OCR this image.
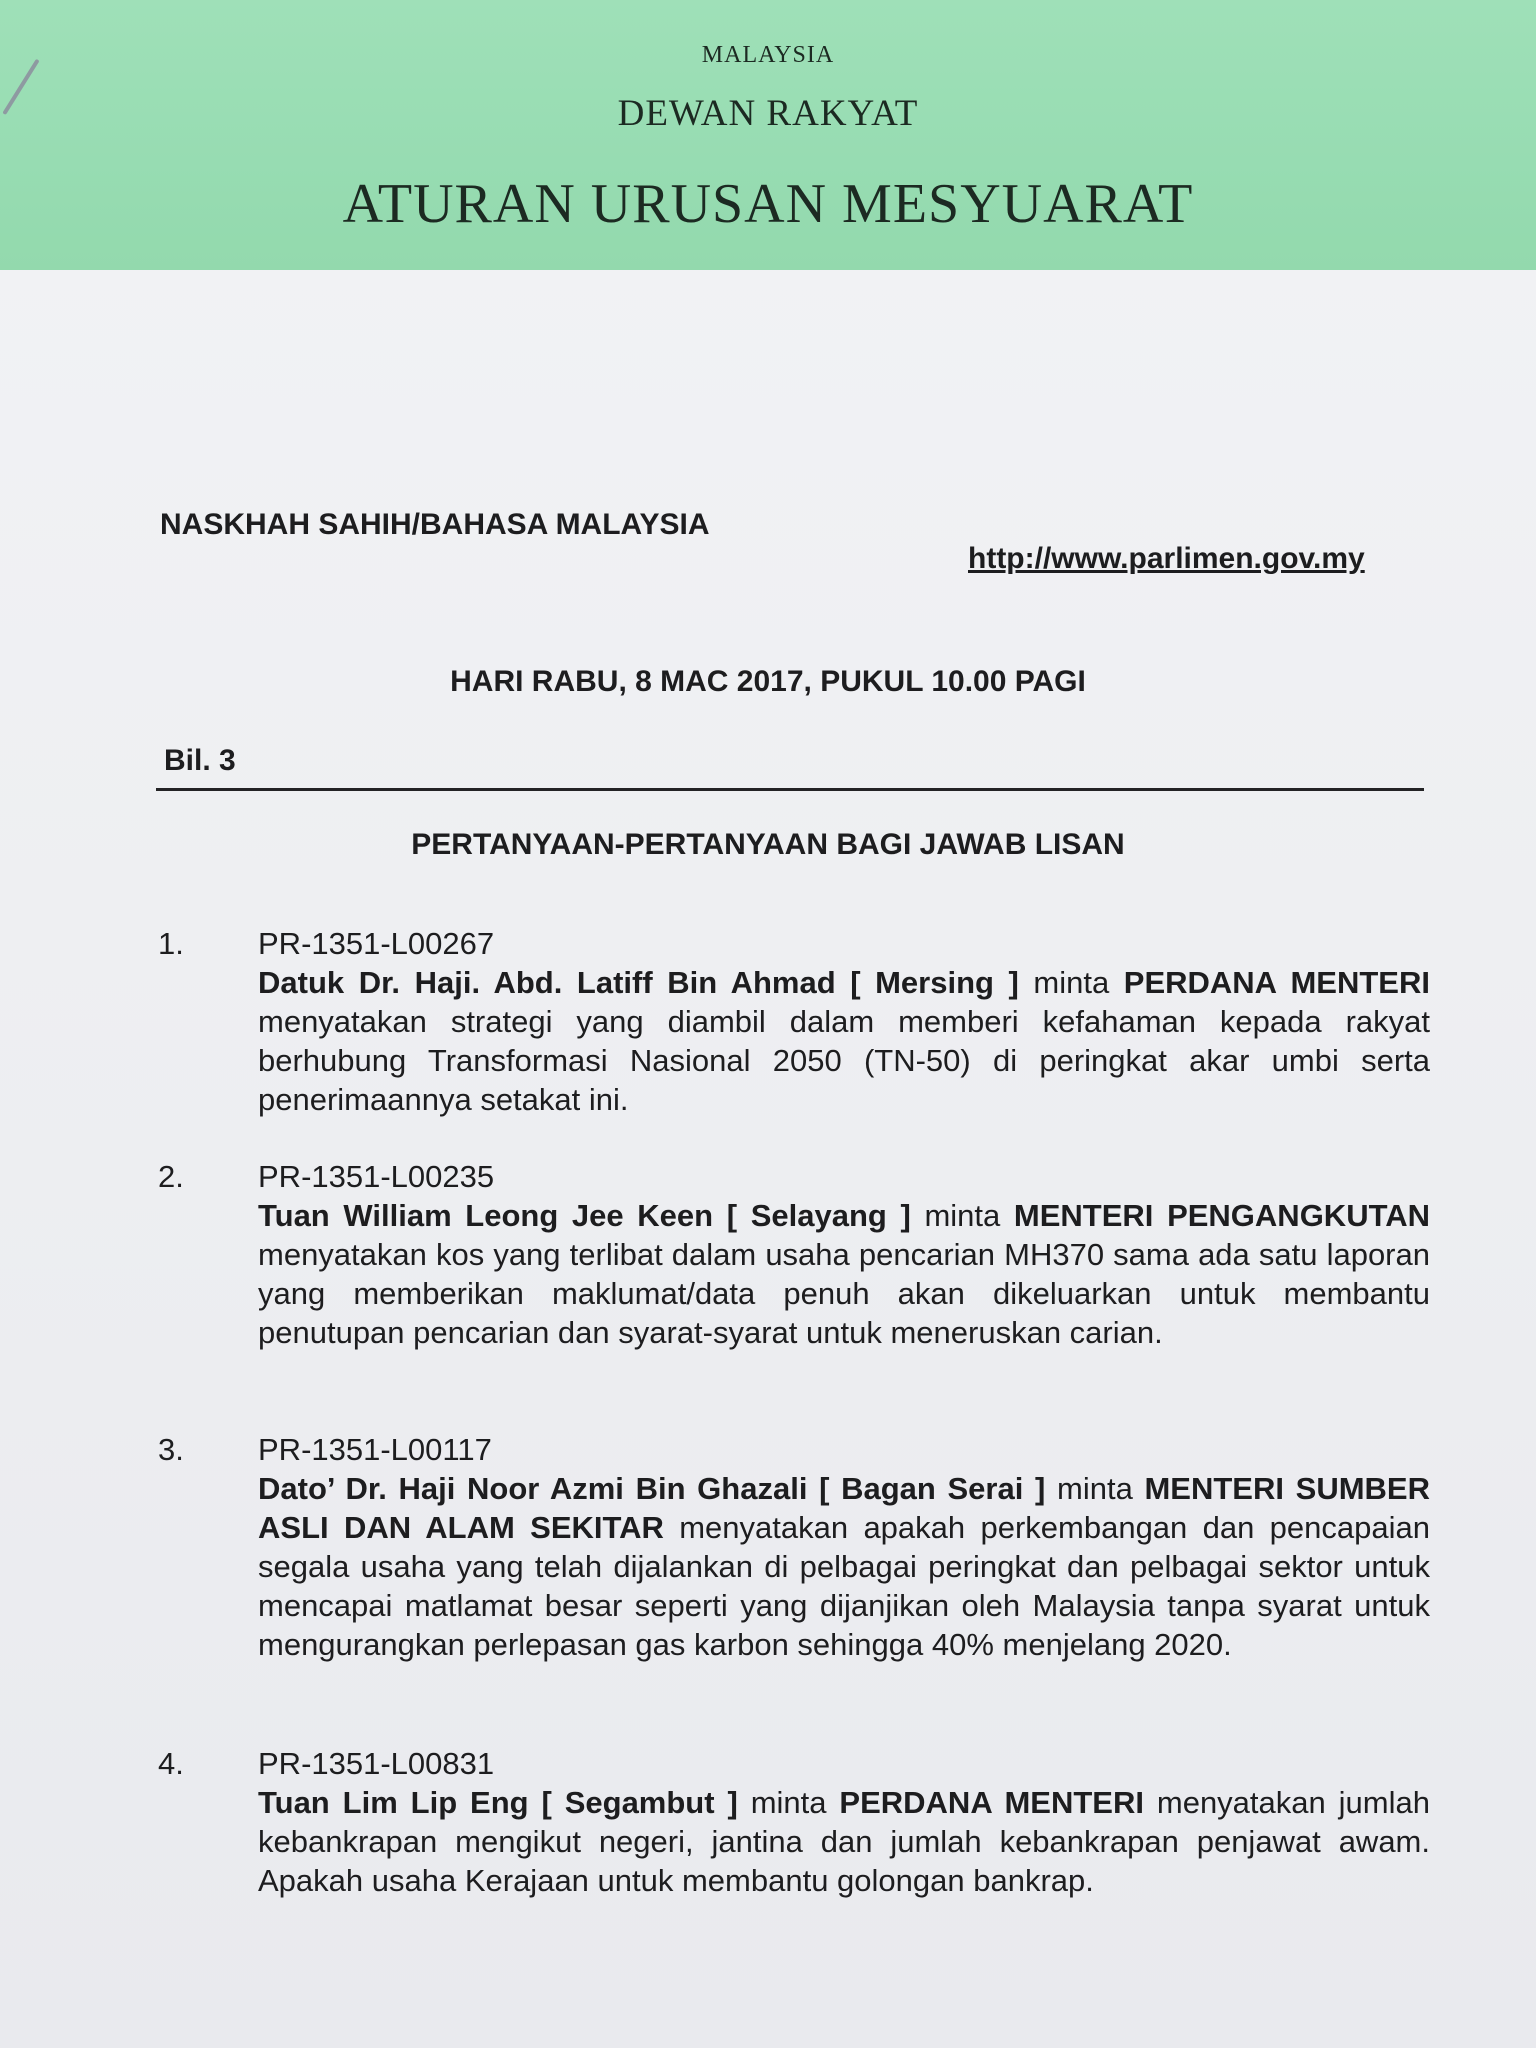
MALAYSIA
DEWAN RAKYAT
ATURAN URUSAN MESYUARAT
NASKHAH SAHIH/BAHASA MALAYSIA
http://www.parlimen.gov.my
HARI RABU, 8 MAC 2017, PUKUL 10.00 PAGI
Bil. 3
PERTANYAAN-PERTANYAAN BAGI JAWAB LISAN
1. PR-1351-L00267
Datuk Dr. Haji. Abd. Latiff Bin Ahmad [ Mersing ] minta PERDANA MENTERI menyatakan strategi yang diambil dalam memberi kefahaman kepada rakyat berhubung Transformasi Nasional 2050 (TN-50) di peringkat akar umbi serta penerimaannya setakat ini.
2. PR-1351-L00235
Tuan William Leong Jee Keen [ Selayang ] minta MENTERI PENGANGKUTAN menyatakan kos yang terlibat dalam usaha pencarian MH370 sama ada satu laporan yang memberikan maklumat/data penuh akan dikeluarkan untuk membantu penutupan pencarian dan syarat-syarat untuk meneruskan carian.
3. PR-1351-L00117
Dato’ Dr. Haji Noor Azmi Bin Ghazali [ Bagan Serai ] minta MENTERI SUMBER ASLI DAN ALAM SEKITAR menyatakan apakah perkembangan dan pencapaian segala usaha yang telah dijalankan di pelbagai peringkat dan pelbagai sektor untuk mencapai matlamat besar seperti yang dijanjikan oleh Malaysia tanpa syarat untuk mengurangkan perlepasan gas karbon sehingga 40% menjelang 2020.
4. PR-1351-L00831
Tuan Lim Lip Eng [ Segambut ] minta PERDANA MENTERI menyatakan jumlah kebankrapan mengikut negeri, jantina dan jumlah kebankrapan penjawat awam. Apakah usaha Kerajaan untuk membantu golongan bankrap.
